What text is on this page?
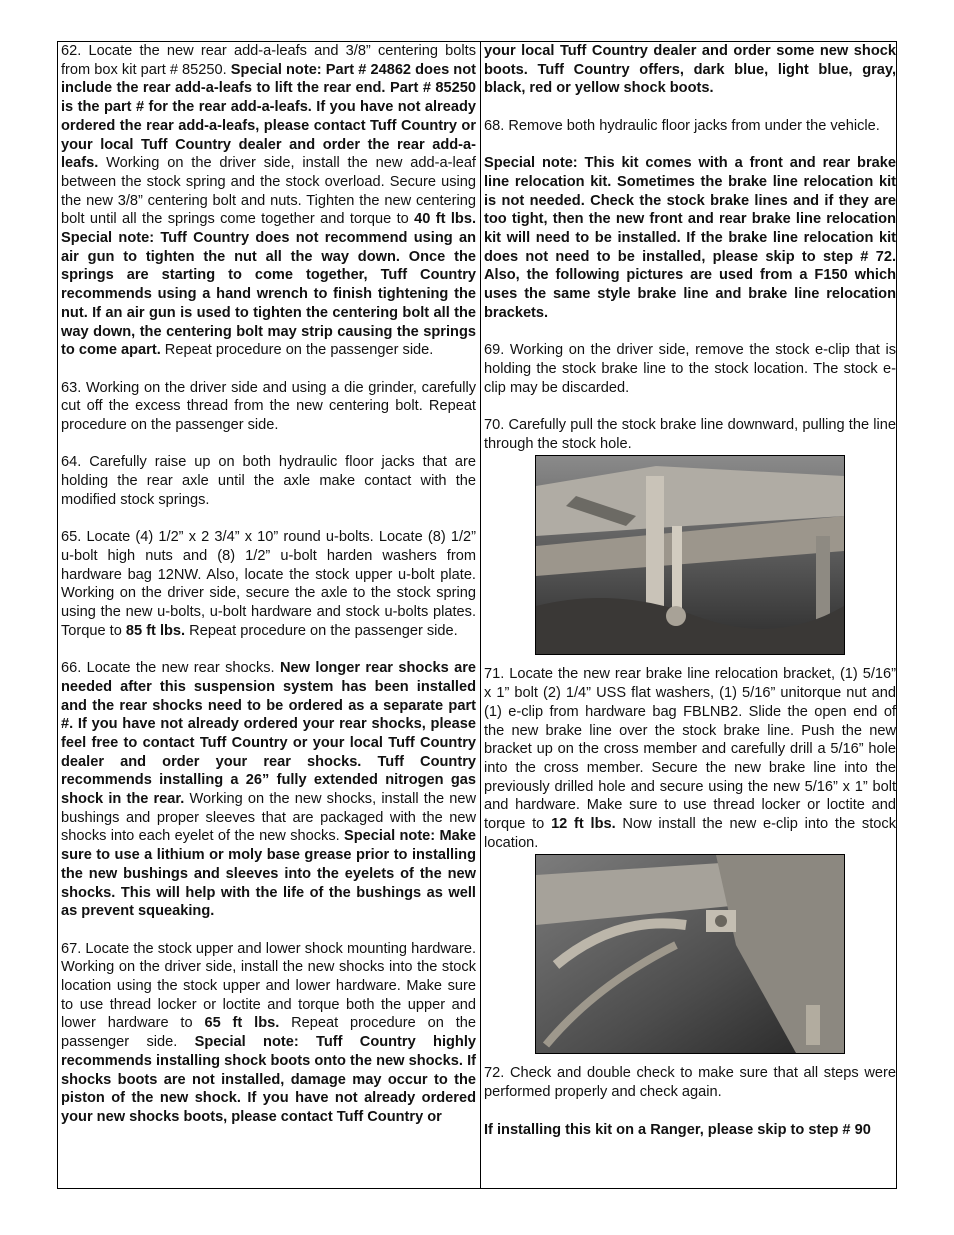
62. Locate the new rear add-a-leafs and 3/8” centering bolts from box kit part # 85250. Special note: Part # 24862 does not include the rear add-a-leafs to lift the rear end. Part # 85250 is the part # for the rear add-a-leafs. If you have not already ordered the rear add-a-leafs, please contact Tuff Country or your local Tuff Country dealer and order the rear add-a-leafs. Working on the driver side, install the new add-a-leaf between the stock spring and the stock overload. Secure using the new 3/8” centering bolt and nuts. Tighten the new centering bolt until all the springs come together and torque to 40 ft lbs. Special note: Tuff Country does not recommend using an air gun to tighten the nut all the way down. Once the springs are starting to come together, Tuff Country recommends using a hand wrench to finish tightening the nut. If an air gun is used to tighten the centering bolt all the way down, the centering bolt may strip causing the springs to come apart. Repeat procedure on the passenger side.

63. Working on the driver side and using a die grinder, carefully cut off the excess thread from the new centering bolt. Repeat procedure on the passenger side.

64. Carefully raise up on both hydraulic floor jacks that are holding the rear axle until the axle make contact with the modified stock springs.

65. Locate (4) 1/2” x 2 3/4” x 10” round u-bolts. Locate (8) 1/2” u-bolt high nuts and (8) 1/2” u-bolt harden washers from hardware bag 12NW. Also, locate the stock upper u-bolt plate. Working on the driver side, secure the axle to the stock spring using the new u-bolts, u-bolt hardware and stock u-bolts plates. Torque to 85 ft lbs. Repeat procedure on the passenger side.

66. Locate the new rear shocks. New longer rear shocks are needed after this suspension system has been installed and the rear shocks need to be ordered as a separate part #. If you have not already ordered your rear shocks, please feel free to contact Tuff Country or your local Tuff Country dealer and order your rear shocks. Tuff Country recommends installing a 26” fully extended nitrogen gas shock in the rear. Working on the new shocks, install the new bushings and proper sleeves that are packaged with the new shocks into each eyelet of the new shocks. Special note: Make sure to use a lithium or moly base grease prior to installing the new bushings and sleeves into the eyelets of the new shocks. This will help with the life of the bushings as well as prevent squeaking.

67. Locate the stock upper and lower shock mounting hardware. Working on the driver side, install the new shocks into the stock location using the stock upper and lower hardware. Make sure to use thread locker or loctite and torque both the upper and lower hardware to 65 ft lbs. Repeat procedure on the passenger side. Special note: Tuff Country highly recommends installing shock boots onto the new shocks. If shocks boots are not installed, damage may occur to the piston of the new shock. If you have not already ordered your new shocks boots, please contact Tuff Country or

your local Tuff Country dealer and order some new shock boots. Tuff Country offers, dark blue, light blue, gray, black, red or yellow shock boots.

68. Remove both hydraulic floor jacks from under the vehicle.

Special note: This kit comes with a front and rear brake line relocation kit. Sometimes the brake line relocation kit is not needed. Check the stock brake lines and if they are too tight, then the new front and rear brake line relocation kit will need to be installed. If the brake line relocation kit does not need to be installed, please skip to step # 72. Also, the following pictures are used from a F150 which uses the same style brake line and brake line relocation brackets.

69. Working on the driver side, remove the stock e-clip that is holding the stock brake line to the stock location. The stock e-clip may be discarded.

70. Carefully pull the stock brake line downward, pulling the line through the stock hole.

71. Locate the new rear brake line relocation bracket, (1) 5/16” x 1” bolt (2) 1/4” USS flat washers, (1) 5/16” unitorque nut and (1) e-clip from hardware bag FBLNB2. Slide the open end of the new brake line over the stock brake line. Push the new bracket up on the cross member and carefully drill a 5/16” hole into the cross member. Secure the new brake line into the previously drilled hole and secure using the new 5/16” x 1” bolt and hardware. Make sure to use thread locker or loctite and torque to 12 ft lbs. Now install the new e-clip into the stock location.

72. Check and double check to make sure that all steps were performed properly and check again.

If installing this kit on a Ranger, please skip to step # 90
